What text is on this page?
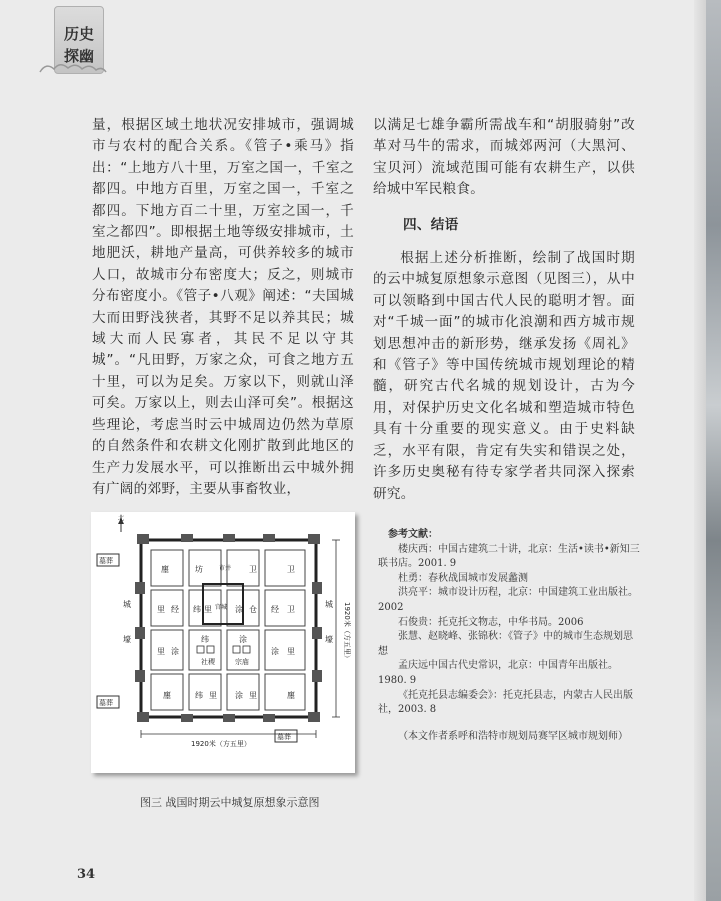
历史
探幽

量，根据区域土地状况安排城市，强调城市与农村的配合关系。《管子•乘马》指出：“上地方八十里，万室之国一，千室之都四。中地方百里，万室之国一，千室之都四。下地方百二十里，万室之国一，千室之都四”。即根据土地等级安排城市，土地肥沃，耕地产量高，可供养较多的城市人口，故城市分布密度大；反之，则城市分布密度小。《管子•八观》阐述：“夫国城大而田野浅狭者，其野不足以养其民；城域大而人民寡者，其民不足以守其城”。“凡田野，万家之众，可食之地方五十里，可以为足矣。万家以下，则就山泽可矣。万家以上，则去山泽可矣”。根据这些理论，考虑当时云中城周边仍然为草原的自然条件和农耕文化刚扩散到此地区的生产力发展水平，可以推断出云中城外拥有广阔的郊野，主要从事畜牧业，

以满足七雄争霸所需战车和“胡服骑射”改革对马牛的需求，而城郊两河（大黑河、宝贝河）流域范围可能有农耕生产，以供给城中军民粮食。

四、结语

根据上述分析推断，绘制了战国时期的云中城复原想象示意图（见图三），从中可以领略到中国古代人民的聪明才智。面对“千城一面”的城市化浪潮和西方城市规划思想冲击的新形势，继承发扬《周礼》和《管子》等中国传统城市规划理论的精髓，研究古代名城的规划设计，古为今用，对保护历史文化名城和塑造城市特色具有十分重要的现实意义。由于史料缺乏，水平有限，肯定有失实和错误之处，许多历史奥秘有待专家学者共同深入探索研究。

参考文献：
楼庆西：中国古建筑二十讲，北京：生活•读书•新知三联书店。2001. 9
杜勇：春秋战国城市发展蠡测
洪亮平：城市设计历程，北京：中国建筑工业出版社。2002
石俊贵：托克托文物志，中华书局。2006
张慧、赵晓峰、张锦秋：《管子》中的城市生态规划思想
孟庆远中国古代史常识，北京：中国青年出版社。1980. 9
《托克托县志编委会》：托克托县志，内蒙古人民出版社，2003. 8
（本文作者系呼和浩特市规划局赛罕区城市规划师）
北
廛	坊	市井 卫	卫
里 经 纬 里 宫城 涂 仓 经 卫
里 涂
纬
社稷
涂
宗庙
涂 里
廛	纬 里 涂 里	廛
城
壕
城
壕
墓葬
墓葬
墓葬
1920米（方五里）
1920米（方五里）
图三 战国时期云中城复原想象示意图
34
